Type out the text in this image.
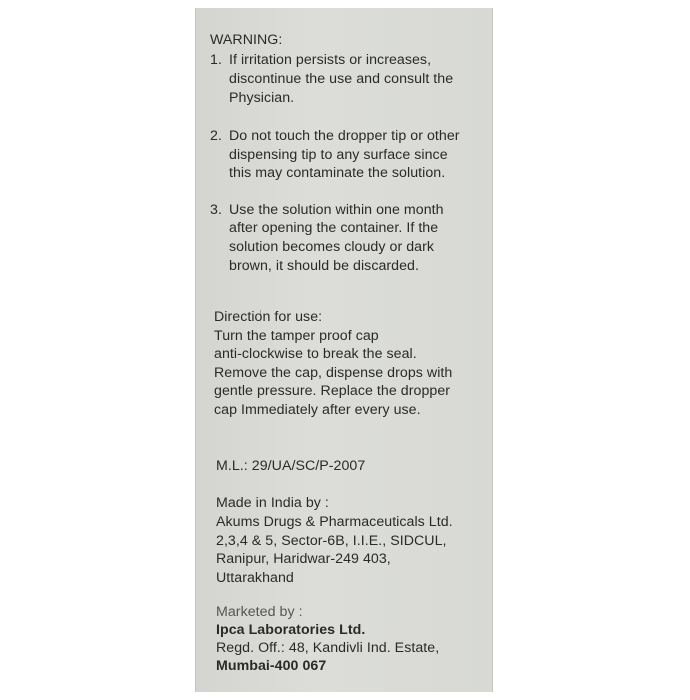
WARNING:
1. If irritation persists or increases,
discontinue the use and consult the
Physician.
2. Do not touch the dropper tip or other
dispensing tip to any surface since
this may contaminate the solution.
3. Use the solution within one month
after opening the container. If the
solution becomes cloudy or dark
brown, it should be discarded.
Direction for use:
Turn the tamper proof cap
anti-clockwise to break the seal.
Remove the cap, dispense drops with
gentle pressure. Replace the dropper
cap Immediately after every use.
M.L.: 29/UA/SC/P-2007
Made in India by :
Akums Drugs & Pharmaceuticals Ltd.
2,3,4 & 5, Sector-6B, I.I.E., SIDCUL,
Ranipur, Haridwar-249 403,
Uttarakhand
Marketed by :
Ipca Laboratories Ltd.
Regd. Off.: 48, Kandivli Ind. Estate,
Mumbai-400 067
